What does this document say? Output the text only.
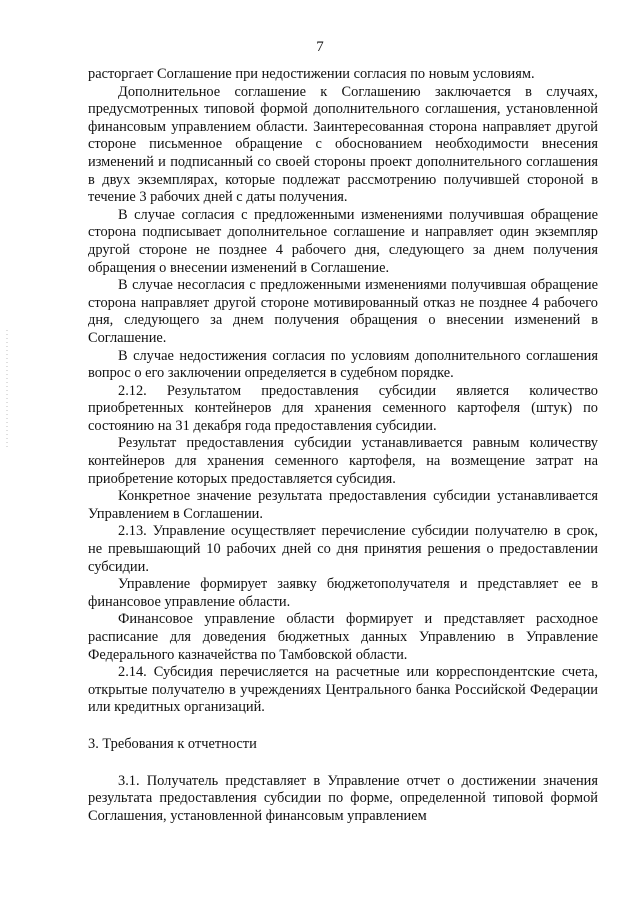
7

расторгает Соглашение при недостижении согласия по новым условиям.

Дополнительное соглашение к Соглашению заключается в случаях, предусмотренных типовой формой дополнительного соглашения, установленной финансовым управлением области. Заинтересованная сторона направляет другой стороне письменное обращение с обоснованием необходимости внесения изменений и подписанный со своей стороны проект дополнительного соглашения в двух экземплярах, которые подлежат рассмотрению получившей стороной в течение 3 рабочих дней с даты получения.

В случае согласия с предложенными изменениями получившая обращение сторона подписывает дополнительное соглашение и направляет один экземпляр другой стороне не позднее 4 рабочего дня, следующего за днем получения обращения о внесении изменений в Соглашение.

В случае несогласия с предложенными изменениями получившая обращение сторона направляет другой стороне мотивированный отказ не позднее 4 рабочего дня, следующего за днем получения обращения о внесении изменений в Соглашение.

В случае недостижения согласия по условиям дополнительного соглашения вопрос о его заключении определяется в судебном порядке.

2.12. Результатом предоставления субсидии является количество приобретенных контейнеров для хранения семенного картофеля (штук) по состоянию на 31 декабря года предоставления субсидии.

Результат предоставления субсидии устанавливается равным количеству контейнеров для хранения семенного картофеля, на возмещение затрат на приобретение которых предоставляется субсидия.

Конкретное значение результата предоставления субсидии устанавливается Управлением в Соглашении.

2.13. Управление осуществляет перечисление субсидии получателю в срок, не превышающий 10 рабочих дней со дня принятия решения о предоставлении субсидии.

Управление формирует заявку бюджетополучателя и представляет ее в финансовое управление области.

Финансовое управление области формирует и представляет расходное расписание для доведения бюджетных данных Управлению в Управление Федерального казначейства по Тамбовской области.

2.14. Субсидия перечисляется на расчетные или корреспондентские счета, открытые получателю в учреждениях Центрального банка Российской Федерации или кредитных организаций.

3. Требования к отчетности

3.1. Получатель представляет в Управление отчет о достижении значения результата предоставления субсидии по форме, определенной типовой формой Соглашения, установленной финансовым управлением
